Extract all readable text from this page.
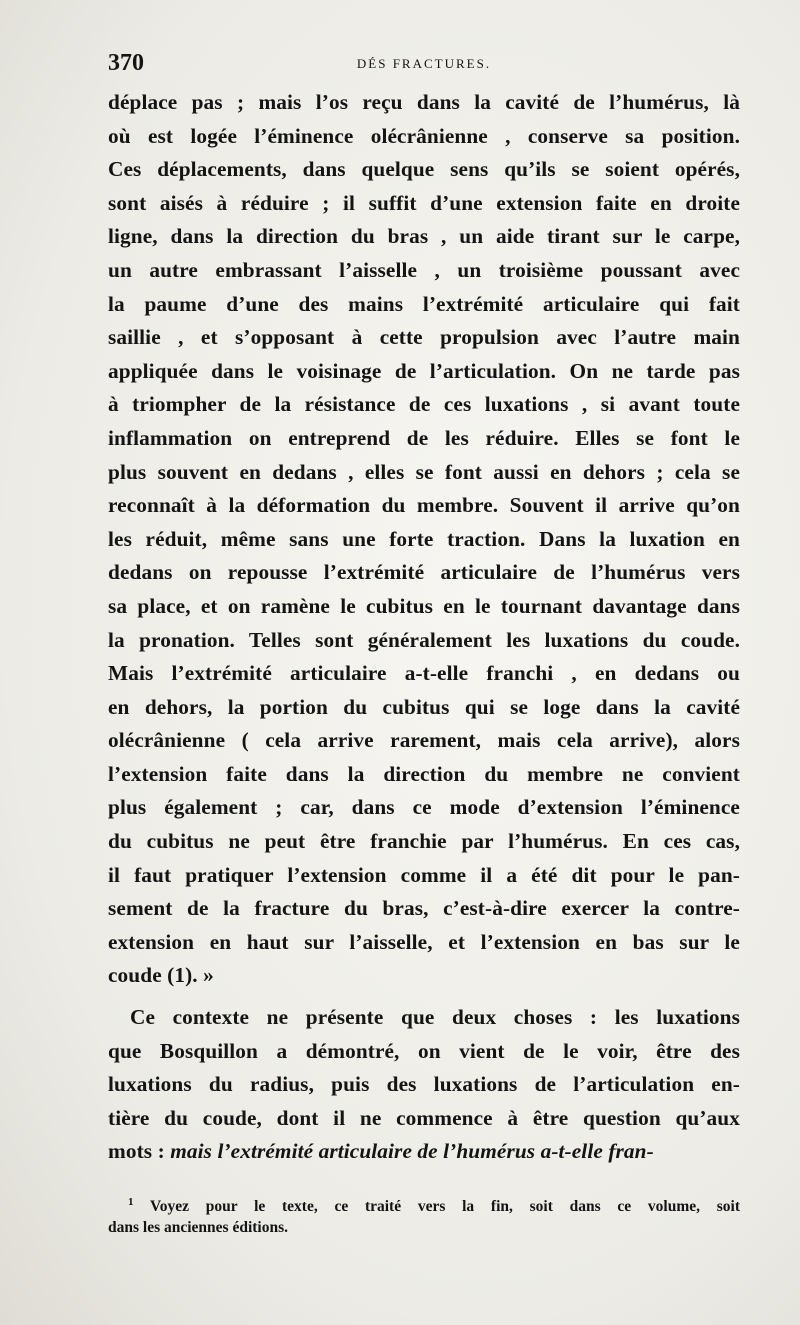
370	DÉS FRACTURES.
déplace pas ; mais l’os reçu dans la cavité de l’humérus, là
où est logée l’éminence olécrânienne , conserve sa position.
Ces déplacements, dans quelque sens qu’ils se soient opérés,
sont aisés à réduire ; il suffit d’une extension faite en droite
ligne, dans la direction du bras , un aide tirant sur le carpe,
un autre embrassant l’aisselle , un troisième poussant avec
la paume d’une des mains l’extrémité articulaire qui fait
saillie , et s’opposant à cette propulsion avec l’autre main
appliquée dans le voisinage de l’articulation. On ne tarde pas
à triompher de la résistance de ces luxations , si avant toute
inflammation on entreprend de les réduire. Elles se font le
plus souvent en dedans , elles se font aussi en dehors ; cela se
reconnaît à la déformation du membre. Souvent il arrive qu’on
les réduit, même sans une forte traction. Dans la luxation en
dedans on repousse l’extrémité articulaire de l’humérus vers
sa place, et on ramène le cubitus en le tournant davantage dans
la pronation. Telles sont généralement les luxations du coude.
Mais l’extrémité articulaire a-t-elle franchi , en dedans ou
en dehors, la portion du cubitus qui se loge dans la cavité
olécrânienne ( cela arrive rarement, mais cela arrive), alors
l’extension faite dans la direction du membre ne convient
plus également ; car, dans ce mode d’extension l’éminence
du cubitus ne peut être franchie par l’humérus. En ces cas,
il faut pratiquer l’extension comme il a été dit pour le pan-
sement de la fracture du bras, c’est-à-dire exercer la contre-
extension en haut sur l’aisselle, et l’extension en bas sur le
coude (1). »
Ce contexte ne présente que deux choses : les luxations
que Bosquillon a démontré, on vient de le voir, être des
luxations du radius, puis des luxations de l’articulation en-
tière du coude, dont il ne commence à être question qu’aux
mots : mais l’extrémité articulaire de l’humérus a-t-elle fran-
$^1$ Voyez pour le texte, ce traité vers la fin, soit dans ce volume, soit
dans les anciennes éditions.
